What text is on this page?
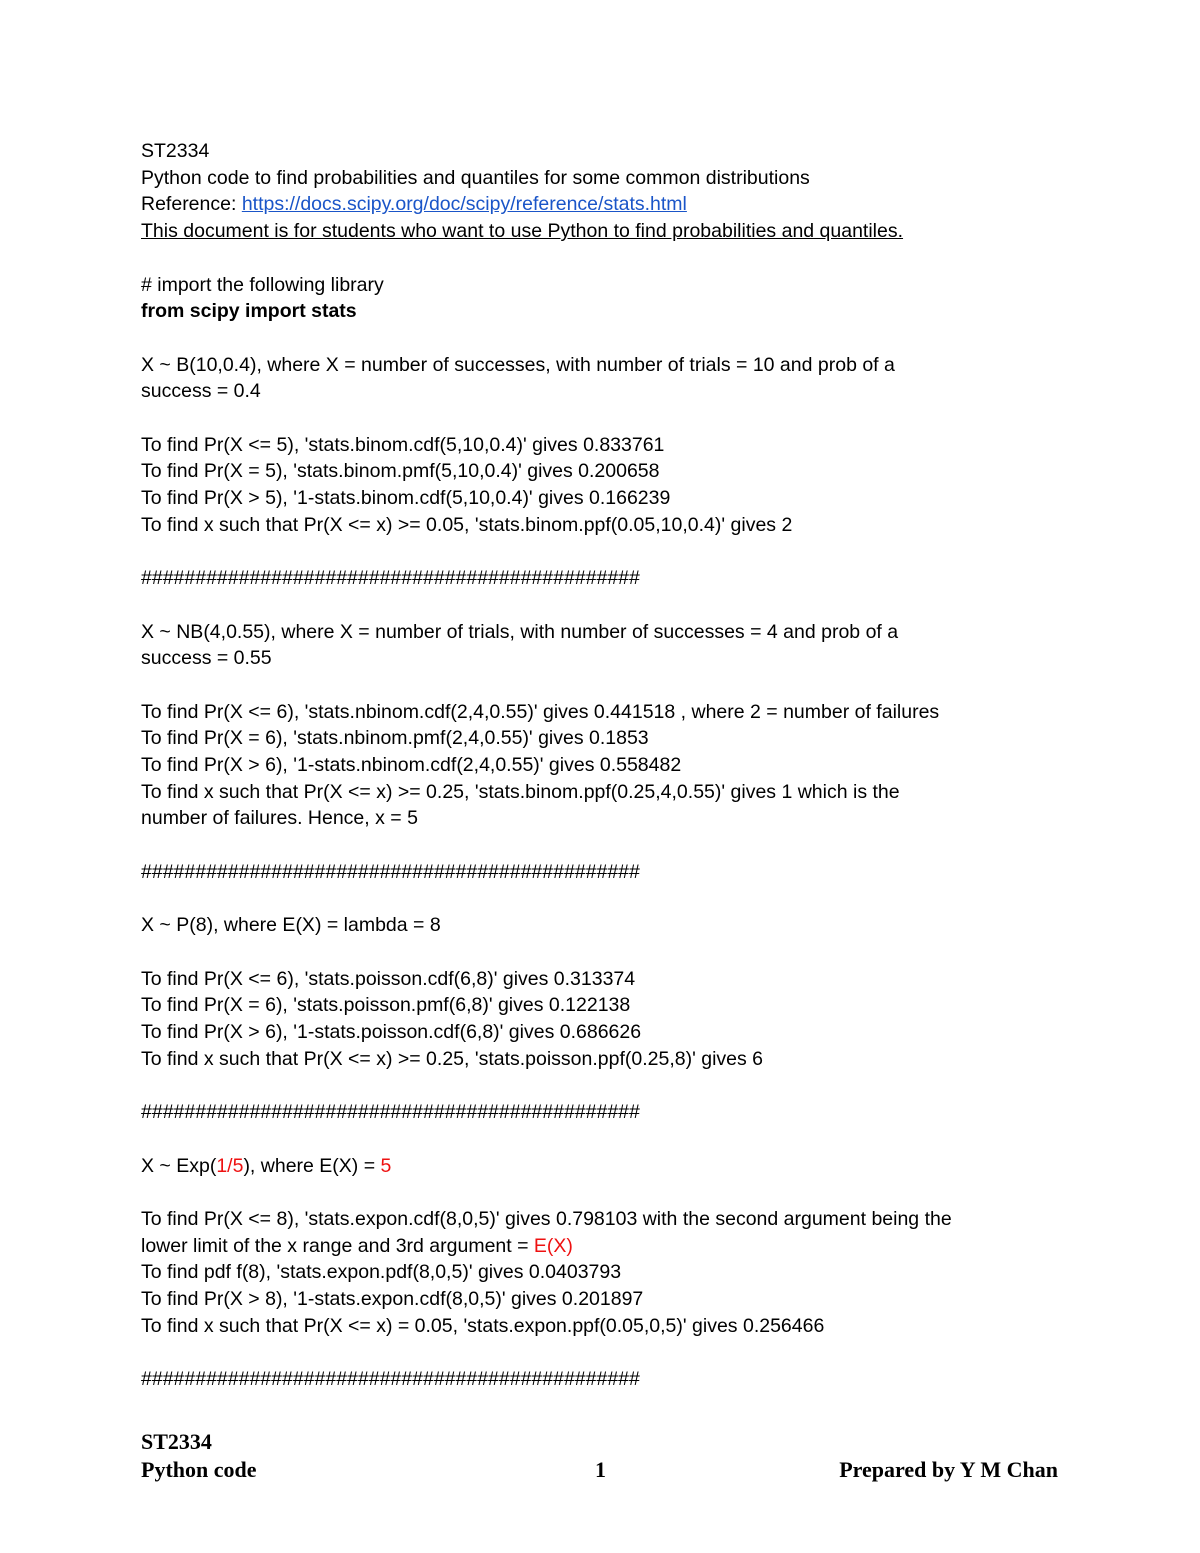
ST2334
Python code to find probabilities and quantiles for some common distributions
Reference: https://docs.scipy.org/doc/scipy/reference/stats.html
This document is for students who want to use Python to find probabilities and quantiles.
# import the following library
from scipy import stats
X ~ B(10,0.4), where X = number of successes, with number of trials = 10 and prob of a
success = 0.4
To find Pr(X <= 5), 'stats.binom.cdf(5,10,0.4)' gives 0.833761
To find Pr(X = 5), 'stats.binom.pmf(5,10,0.4)' gives 0.200658
To find Pr(X > 5), '1-stats.binom.cdf(5,10,0.4)' gives 0.166239
To find x such that Pr(X <= x) >= 0.05, 'stats.binom.ppf(0.05,10,0.4)' gives 2
##############################################
X ~ NB(4,0.55), where X = number of trials, with number of successes = 4 and prob of a
success = 0.55
To find Pr(X <= 6), 'stats.nbinom.cdf(2,4,0.55)' gives 0.441518 , where 2 = number of failures
To find Pr(X = 6), 'stats.nbinom.pmf(2,4,0.55)' gives 0.1853
To find Pr(X > 6), '1-stats.nbinom.cdf(2,4,0.55)' gives 0.558482
To find x such that Pr(X <= x) >= 0.25, 'stats.binom.ppf(0.25,4,0.55)' gives 1 which is the
number of failures. Hence, x = 5
##############################################
X ~ P(8), where E(X) = lambda = 8
To find Pr(X <= 6), 'stats.poisson.cdf(6,8)' gives 0.313374
To find Pr(X = 6), 'stats.poisson.pmf(6,8)' gives 0.122138
To find Pr(X > 6), '1-stats.poisson.cdf(6,8)' gives 0.686626
To find x such that Pr(X <= x) >= 0.25, 'stats.poisson.ppf(0.25,8)' gives 6
##############################################
X ~ Exp(1/5), where E(X) = 5
To find Pr(X <= 8), 'stats.expon.cdf(8,0,5)' gives 0.798103 with the second argument being the
lower limit of the x range and 3rd argument = E(X)
To find pdf f(8), 'stats.expon.pdf(8,0,5)' gives 0.0403793
To find Pr(X > 8), '1-stats.expon.cdf(8,0,5)' gives 0.201897
To find x such that Pr(X <= x) = 0.05, 'stats.expon.ppf(0.05,0,5)' gives 0.256466
##############################################
ST2334
Python code	1	Prepared by Y M Chan
